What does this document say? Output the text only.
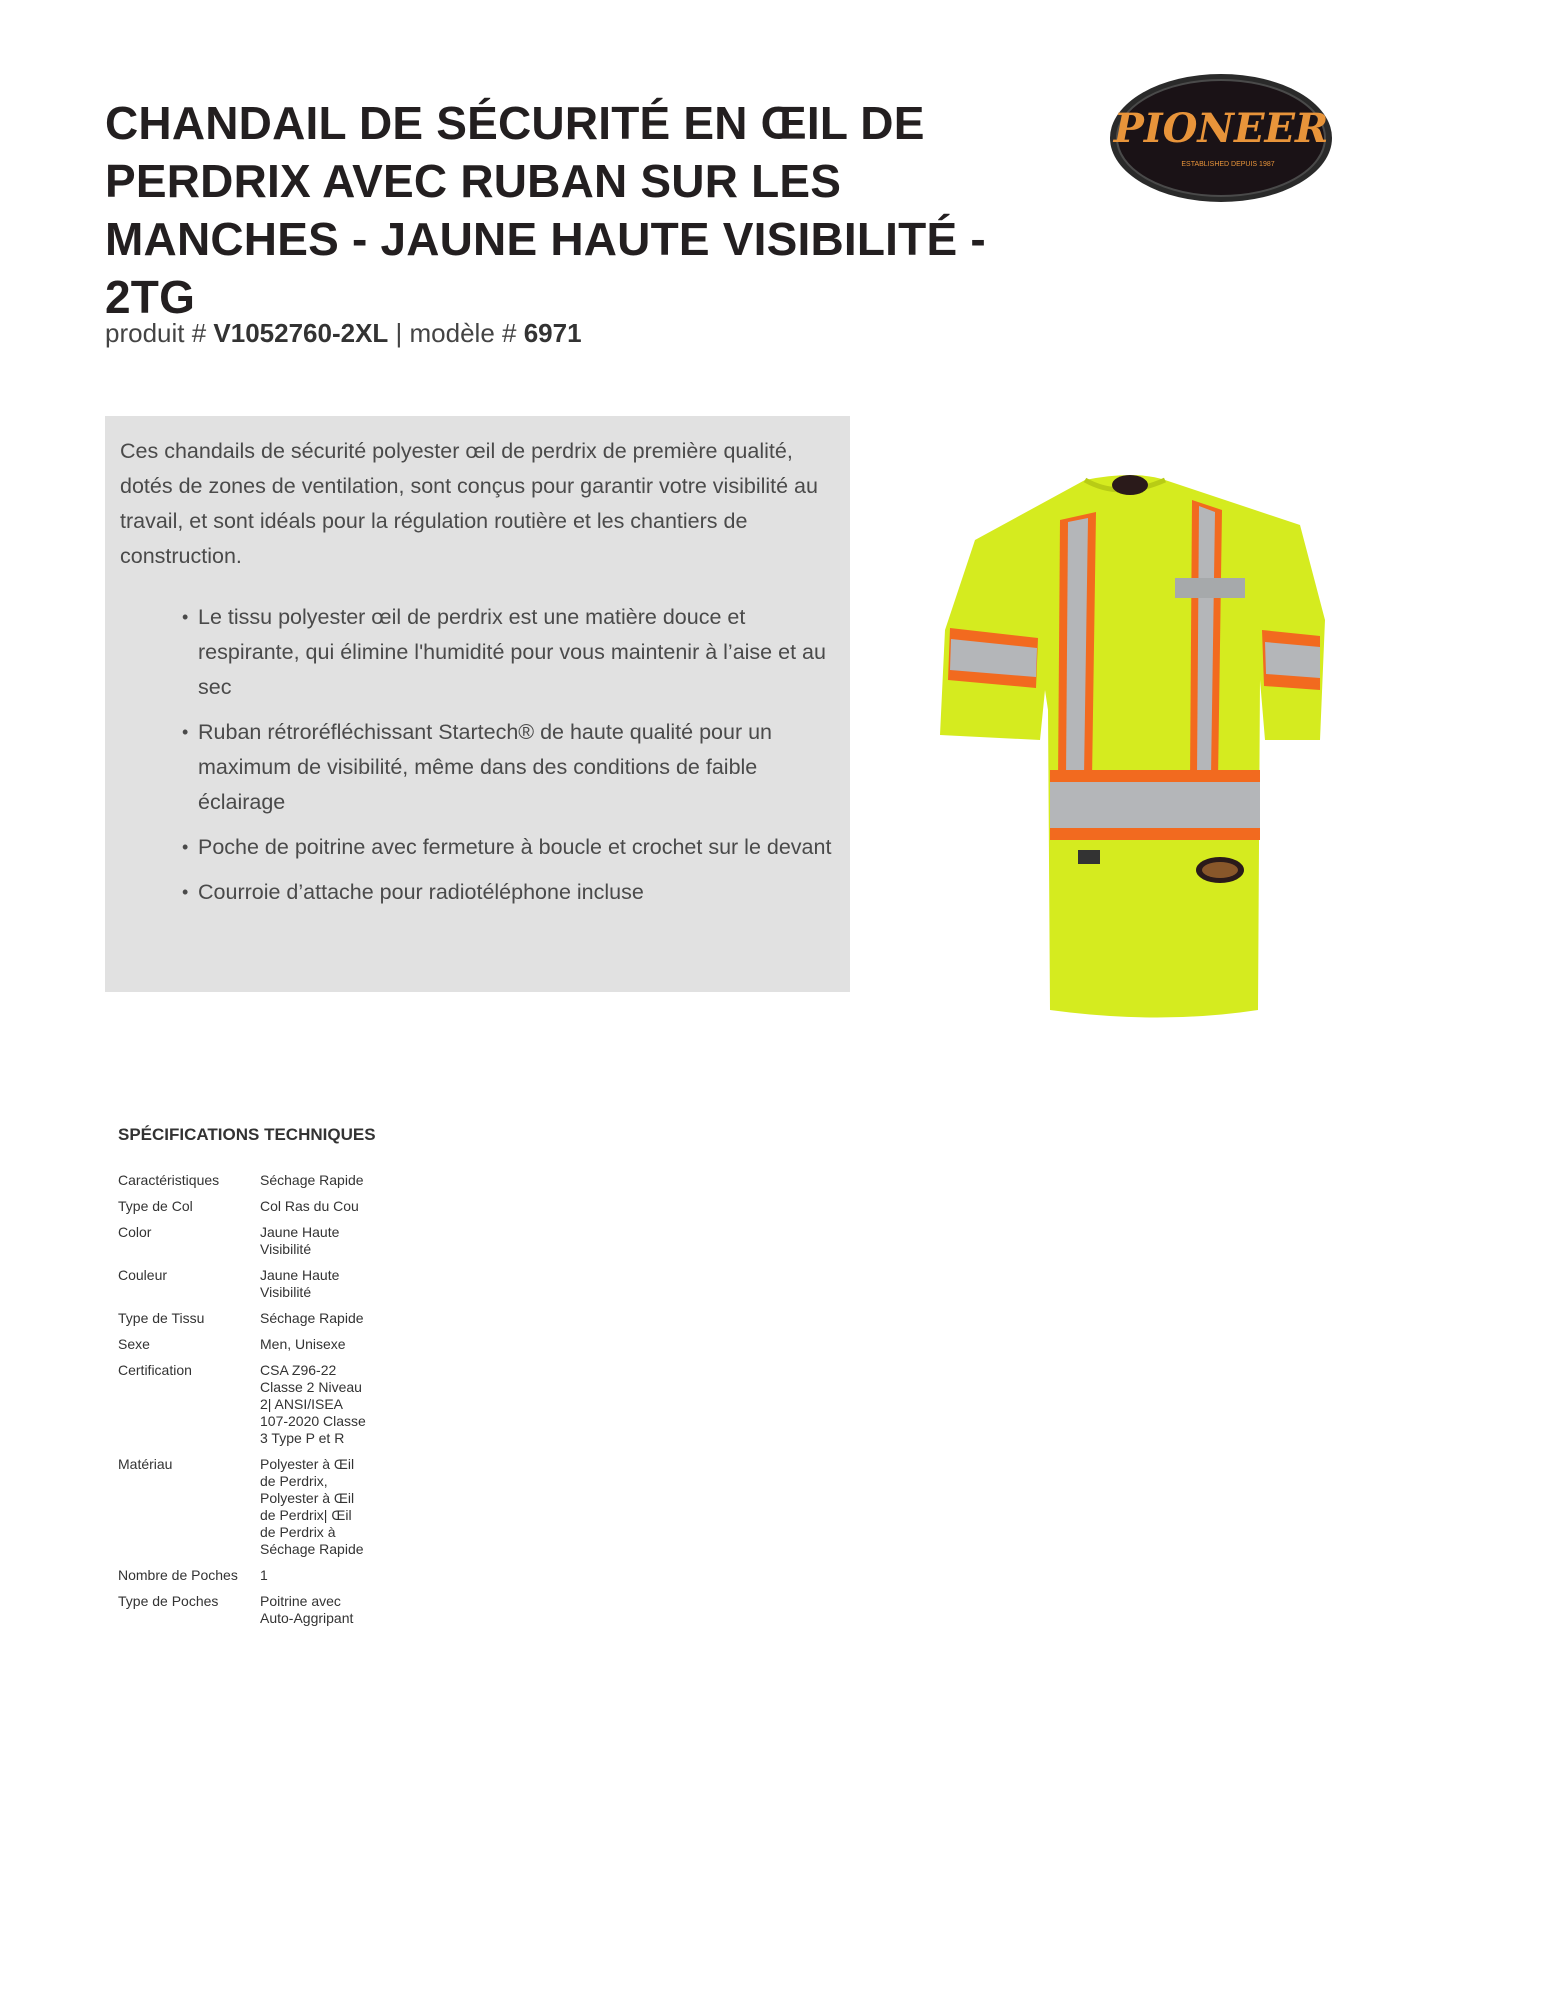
CHANDAIL DE SÉCURITÉ EN ŒIL DE PERDRIX AVEC RUBAN SUR LES MANCHES - JAUNE HAUTE VISIBILITÉ - 2TG
produit # V1052760-2XL | modèle # 6971
PIONEER
ESTABLISHED DEPUIS 1987

Ces chandails de sécurité polyester œil de perdrix de première qualité, dotés de zones de ventilation, sont conçus pour garantir votre visibilité au travail, et sont idéals pour la régulation routière et les chantiers de construction.

• Le tissu polyester œil de perdrix est une matière douce et respirante, qui élimine l'humidité pour vous maintenir à l’aise et au sec
• Ruban rétroréfléchissant Startech® de haute qualité pour un maximum de visibilité, même dans des conditions de faible éclairage
• Poche de poitrine avec fermeture à boucle et crochet sur le devant
• Courroie d’attache pour radiotéléphone incluse
SPÉCIFICATIONS TECHNIQUES
Caractéristiques	Séchage Rapide
Type de Col	Col Ras du Cou
Color	Jaune Haute Visibilité
Couleur	Jaune Haute Visibilité
Type de Tissu	Séchage Rapide
Sexe	Men, Unisexe
Certification	CSA Z96-22 Classe 2 Niveau 2| ANSI/ISEA 107-2020 Classe 3 Type P et R
Matériau	Polyester à Œil de Perdrix, Polyester à Œil de Perdrix| Œil de Perdrix à Séchage Rapide
Nombre de Poches	1
Type de Poches	Poitrine avec Auto-Aggripant
